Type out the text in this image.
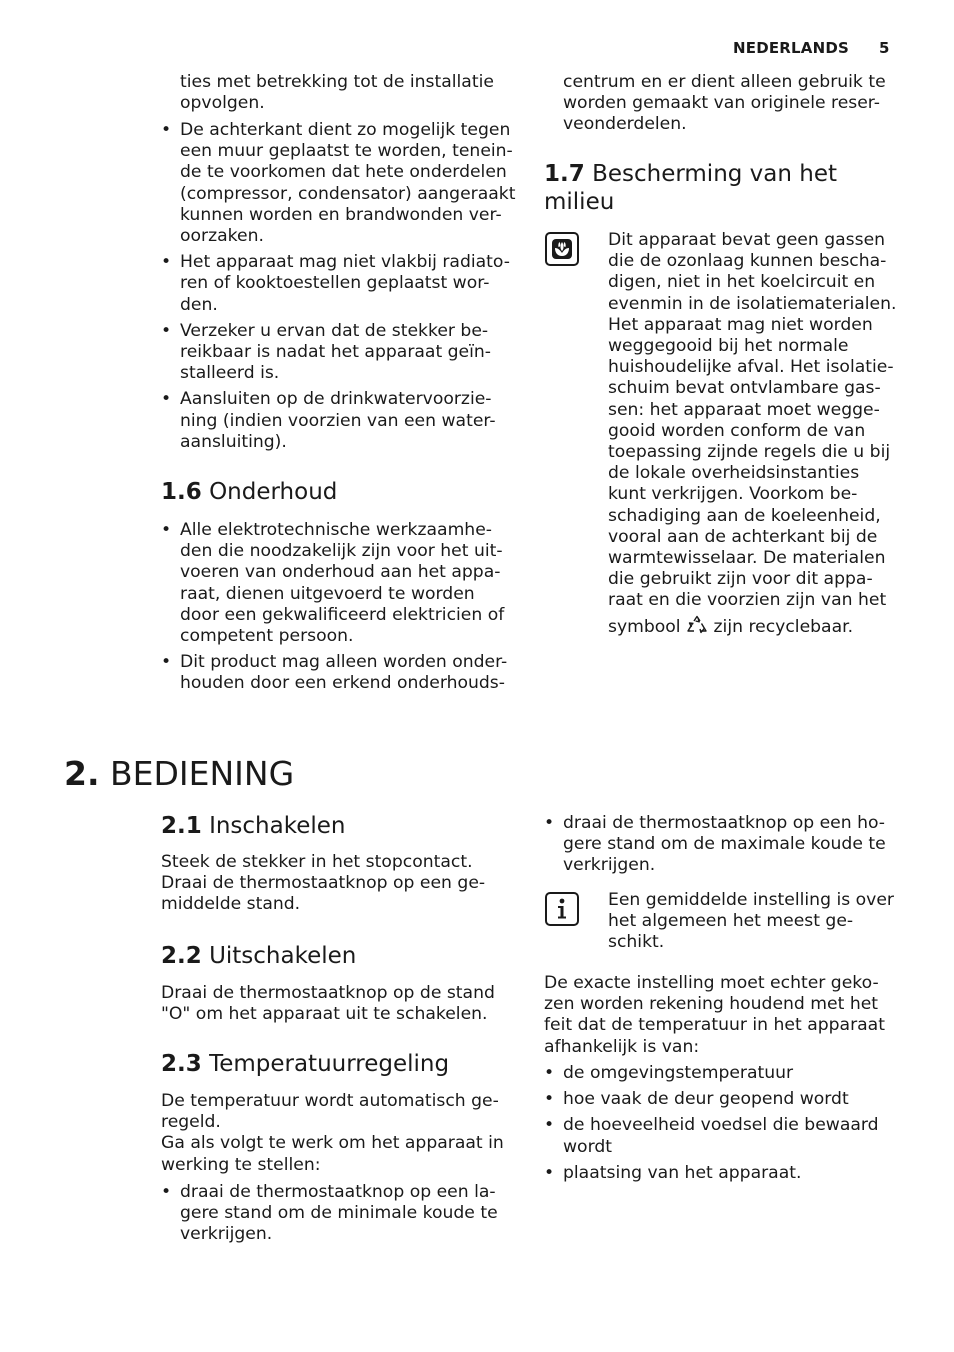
NEDERLANDS 5
ties met betrekking tot de installatie
opvolgen.
• De achterkant dient zo mogelijk tegen
een muur geplaatst te worden, tenein-
de te voorkomen dat hete onderdelen
(compressor, condensator) aangeraakt
kunnen worden en brandwonden ver-
oorzaken.
• Het apparaat mag niet vlakbij radiato-
ren of kooktoestellen geplaatst wor-
den.
• Verzeker u ervan dat de stekker be-
reikbaar is nadat het apparaat geïn-
stalleerd is.
• Aansluiten op de drinkwatervoorzie-
ning (indien voorzien van een water-
aansluiting).
1.6 Onderhoud
• Alle elektrotechnische werkzaamhe-
den die noodzakelijk zijn voor het uit-
voeren van onderhoud aan het appa-
raat, dienen uitgevoerd te worden
door een gekwalificeerd elektricien of
competent persoon.
• Dit product mag alleen worden onder-
houden door een erkend onderhouds-
centrum en er dient alleen gebruik te
worden gemaakt van originele reser-
veonderdelen.
1.7 Bescherming van het
milieu
Dit apparaat bevat geen gassen
die de ozonlaag kunnen bescha-
digen, niet in het koelcircuit en
evenmin in de isolatiematerialen.
Het apparaat mag niet worden
weggegooid bij het normale
huishoudelijke afval. Het isolatie-
schuim bevat ontvlambare gas-
sen: het apparaat moet wegge-
gooid worden conform de van
toepassing zijnde regels die u bij
de lokale overheidsinstanties
kunt verkrijgen. Voorkom be-
schadiging aan de koeleenheid,
vooral aan de achterkant bij de
warmtewisselaar. De materialen
die gebruikt zijn voor dit appa-
raat en die voorzien zijn van het
symbool zijn recyclebaar.
2. BEDIENING
2.1 Inschakelen
Steek de stekker in het stopcontact.
Draai de thermostaatknop op een ge-
middelde stand.
2.2 Uitschakelen
Draai de thermostaatknop op de stand
"O" om het apparaat uit te schakelen.
2.3 Temperatuurregeling
De temperatuur wordt automatisch ge-
regeld.
Ga als volgt te werk om het apparaat in
werking te stellen:
• draai de thermostaatknop op een la-
gere stand om de minimale koude te
verkrijgen.
• draai de thermostaatknop op een ho-
gere stand om de maximale koude te
verkrijgen.
Een gemiddelde instelling is over
het algemeen het meest ge-
schikt.
De exacte instelling moet echter geko-
zen worden rekening houdend met het
feit dat de temperatuur in het apparaat
afhankelijk is van:
• de omgevingstemperatuur
• hoe vaak de deur geopend wordt
• de hoeveelheid voedsel die bewaard
wordt
• plaatsing van het apparaat.
